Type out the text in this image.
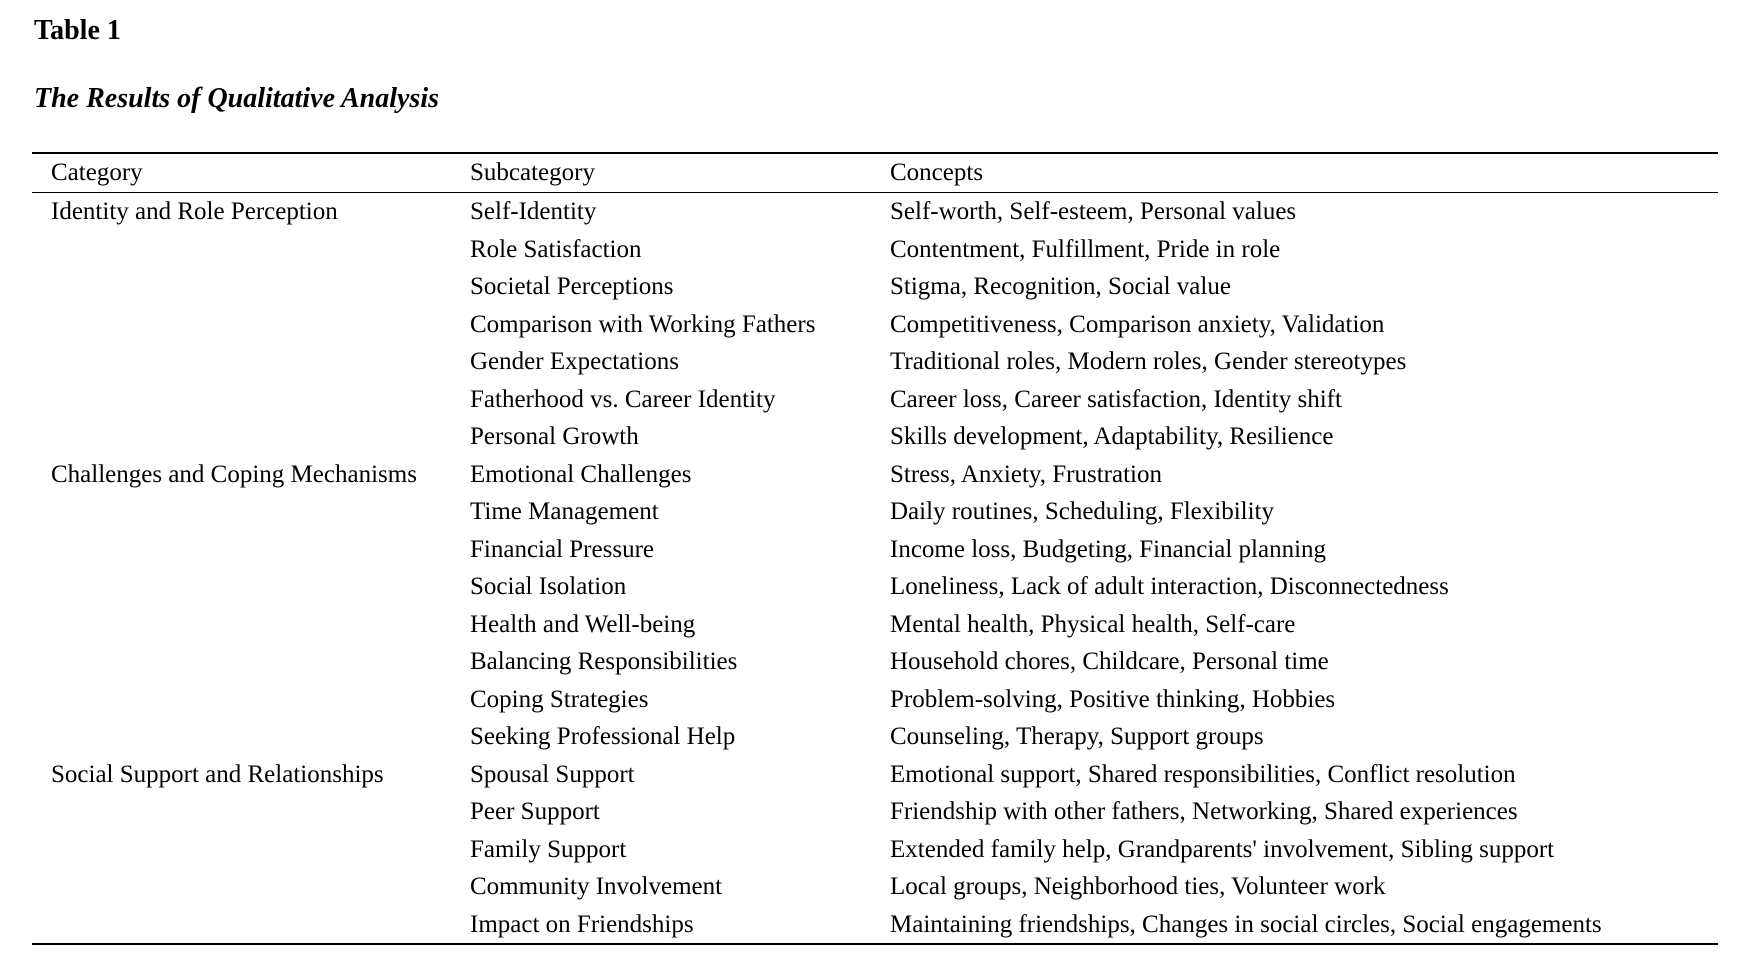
Table 1
The Results of Qualitative Analysis
Category	Subcategory	Concepts
Identity and Role Perception	Self-Identity	Self-worth, Self-esteem, Personal values
	Role Satisfaction	Contentment, Fulfillment, Pride in role
	Societal Perceptions	Stigma, Recognition, Social value
	Comparison with Working Fathers	Competitiveness, Comparison anxiety, Validation
	Gender Expectations	Traditional roles, Modern roles, Gender stereotypes
	Fatherhood vs. Career Identity	Career loss, Career satisfaction, Identity shift
	Personal Growth	Skills development, Adaptability, Resilience
Challenges and Coping Mechanisms	Emotional Challenges	Stress, Anxiety, Frustration
	Time Management	Daily routines, Scheduling, Flexibility
	Financial Pressure	Income loss, Budgeting, Financial planning
	Social Isolation	Loneliness, Lack of adult interaction, Disconnectedness
	Health and Well-being	Mental health, Physical health, Self-care
	Balancing Responsibilities	Household chores, Childcare, Personal time
	Coping Strategies	Problem-solving, Positive thinking, Hobbies
	Seeking Professional Help	Counseling, Therapy, Support groups
Social Support and Relationships	Spousal Support	Emotional support, Shared responsibilities, Conflict resolution
	Peer Support	Friendship with other fathers, Networking, Shared experiences
	Family Support	Extended family help, Grandparents' involvement, Sibling support
	Community Involvement	Local groups, Neighborhood ties, Volunteer work
	Impact on Friendships	Maintaining friendships, Changes in social circles, Social engagements
